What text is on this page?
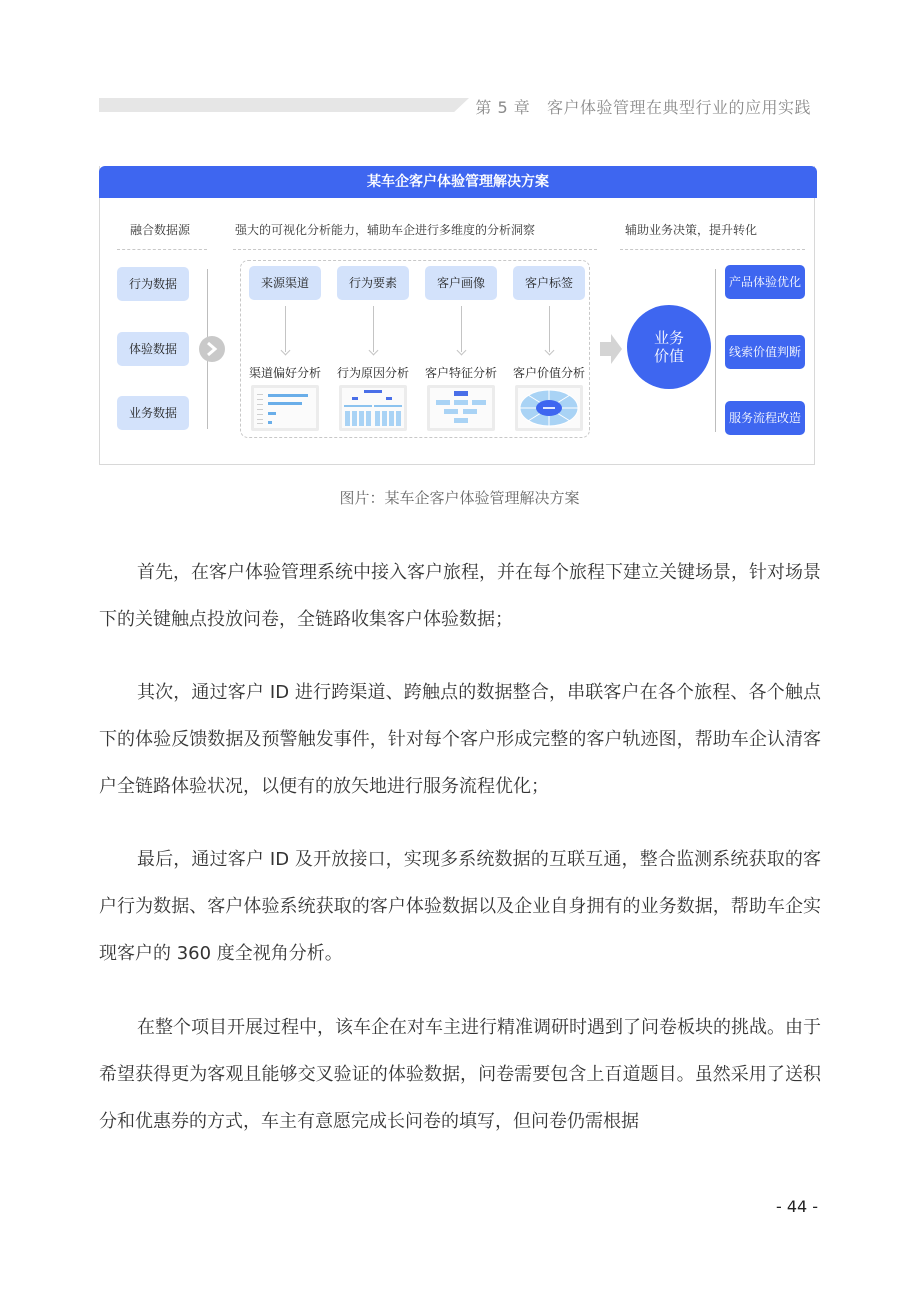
第 5 章 客户体验管理在典型行业的应用实践
某车企客户体验管理解决方案
融合数据源	强大的可视化分析能力，辅助车企进行多维度的分析洞察	辅助业务决策，提升转化
行为数据
体验数据
业务数据
来源渠道
渠道偏好分析
行为要素
行为原因分析
客户画像
客户特征分析
客户标签
客户价值分析
业务
价值
产品体验优化
线索价值判断
服务流程改造
图片：某车企客户体验管理解决方案

首先，在客户体验管理系统中接入客户旅程，并在每个旅程下建立关键场景，针对场景下的关键触点投放问卷，全链路收集客户体验数据；

其次，通过客户 ID 进行跨渠道、跨触点的数据整合，串联客户在各个旅程、各个触点下的体验反馈数据及预警触发事件，针对每个客户形成完整的客户轨迹图，帮助车企认清客户全链路体验状况，以便有的放矢地进行服务流程优化；

最后，通过客户 ID 及开放接口，实现多系统数据的互联互通，整合监测系统获取的客户行为数据、客户体验系统获取的客户体验数据以及企业自身拥有的业务数据，帮助车企实现客户的 360 度全视角分析。

在整个项目开展过程中，该车企在对车主进行精准调研时遇到了问卷板块的挑战。由于希望获得更为客观且能够交叉验证的体验数据，问卷需要包含上百道题目。虽然采用了送积分和优惠券的方式，车主有意愿完成长问卷的填写，但问卷仍需根据

- 44 -
